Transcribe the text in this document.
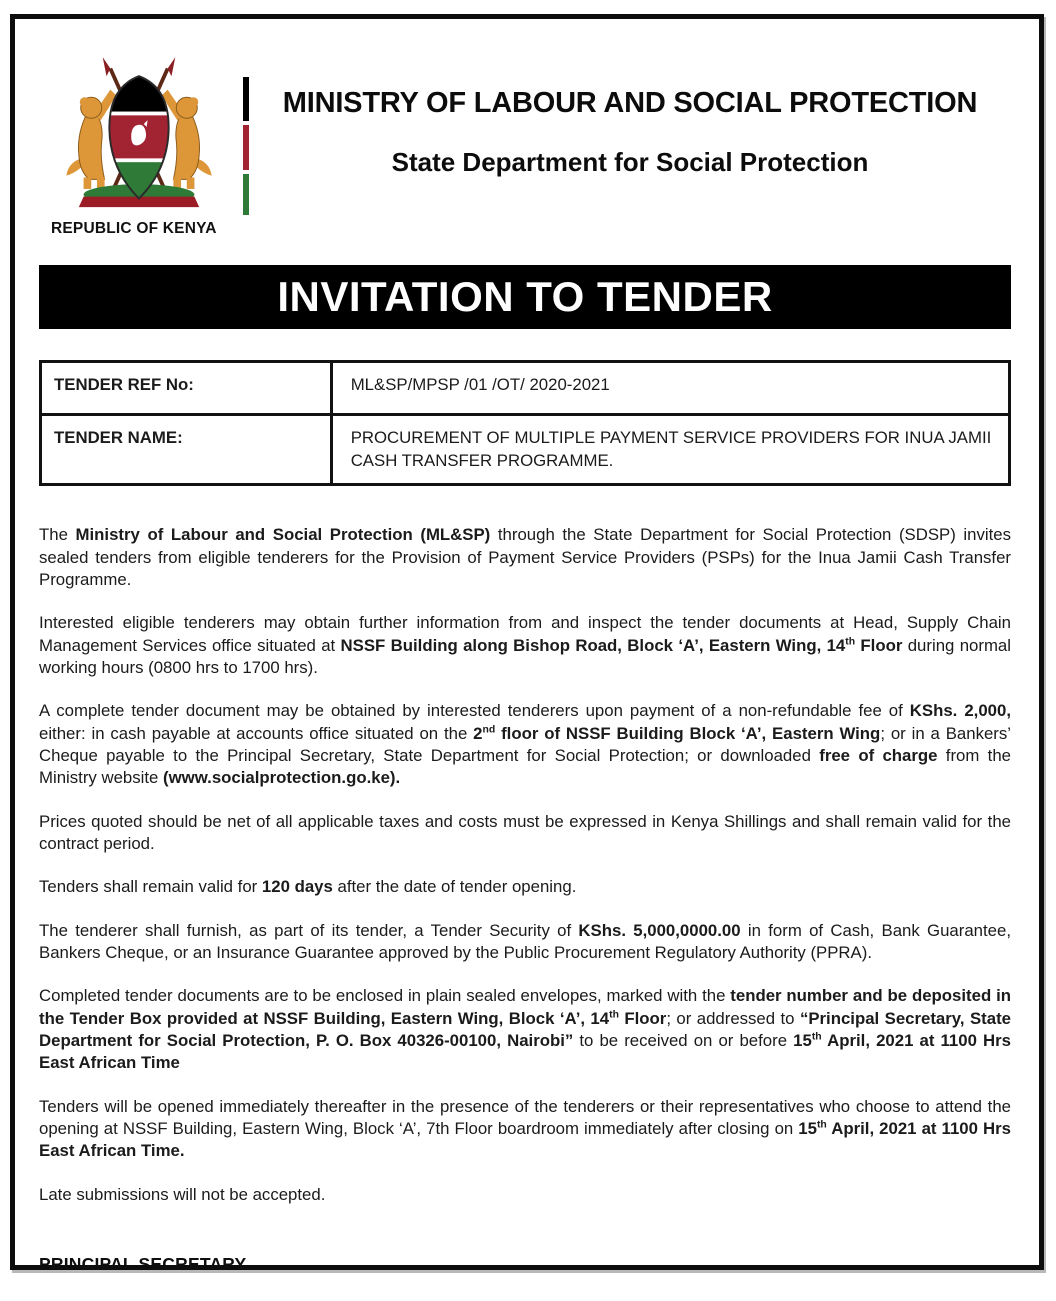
REPUBLIC OF KENYA
MINISTRY OF LABOUR AND SOCIAL PROTECTION
State Department for Social Protection
INVITATION TO TENDER
TENDER REF No:	ML&SP/MPSP /01 /OT/ 2020-2021
TENDER NAME:	PROCUREMENT OF MULTIPLE PAYMENT SERVICE PROVIDERS FOR INUA JAMII CASH TRANSFER PROGRAMME.

The Ministry of Labour and Social Protection (ML&SP) through the State Department for Social Protection (SDSP) invites sealed tenders from eligible tenderers for the Provision of Payment Service Providers (PSPs) for the Inua Jamii Cash Transfer Programme.

Interested eligible tenderers may obtain further information from and inspect the tender documents at Head, Supply Chain Management Services office situated at NSSF Building along Bishop Road, Block ‘A’, Eastern Wing, 14th Floor during normal working hours (0800 hrs to 1700 hrs).

A complete tender document may be obtained by interested tenderers upon payment of a non-refundable fee of KShs. 2,000, either: in cash payable at accounts office situated on the 2nd floor of NSSF Building Block ‘A’, Eastern Wing; or in a Bankers’ Cheque payable to the Principal Secretary, State Department for Social Protection; or downloaded free of charge from the Ministry website (www.socialprotection.go.ke).

Prices quoted should be net of all applicable taxes and costs must be expressed in Kenya Shillings and shall remain valid for the contract period.

Tenders shall remain valid for 120 days after the date of tender opening.

The tenderer shall furnish, as part of its tender, a Tender Security of KShs. 5,000,0000.00 in form of Cash, Bank Guarantee, Bankers Cheque, or an Insurance Guarantee approved by the Public Procurement Regulatory Authority (PPRA).

Completed tender documents are to be enclosed in plain sealed envelopes, marked with the tender number and be deposited in the Tender Box provided at NSSF Building, Eastern Wing, Block ‘A’, 14th Floor; or addressed to “Principal Secretary, State Department for Social Protection, P. O. Box 40326-00100, Nairobi” to be received on or before 15th April, 2021 at 1100 Hrs East African Time

Tenders will be opened immediately thereafter in the presence of the tenderers or their representatives who choose to attend the opening at NSSF Building, Eastern Wing, Block ‘A’, 7th Floor boardroom immediately after closing on 15th April, 2021 at 1100 Hrs East African Time.

Late submissions will not be accepted.

PRINCIPAL SECRETARY
